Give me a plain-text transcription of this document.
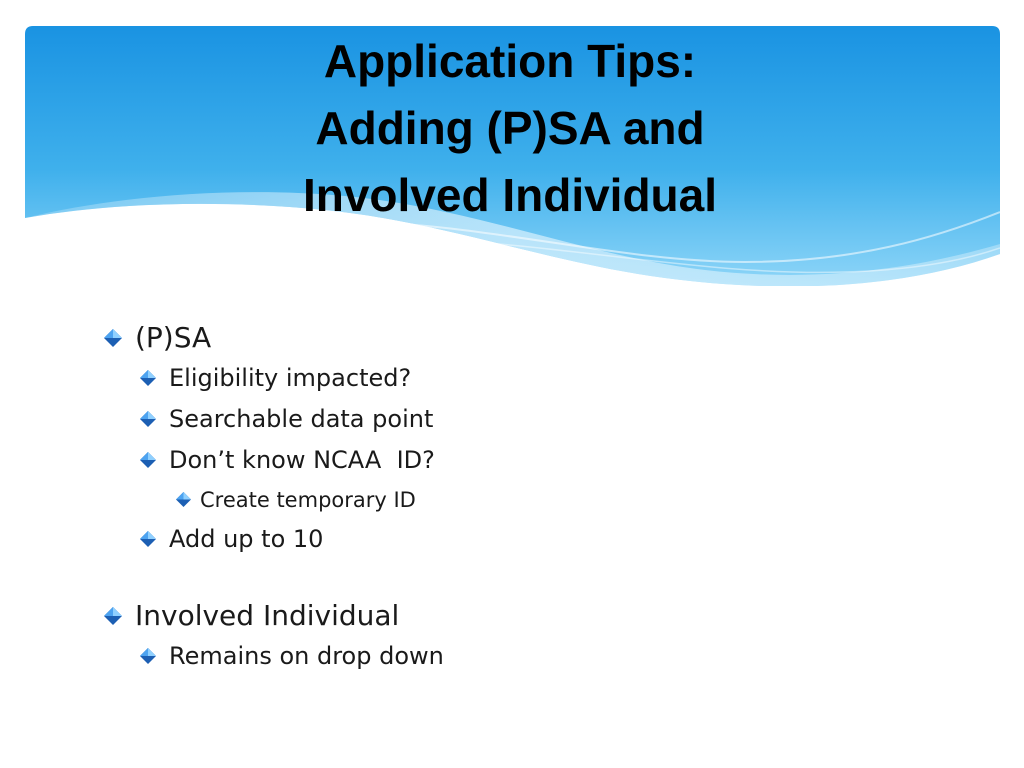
Application Tips:
Adding (P)SA and
Involved Individual
(P)SA
Eligibility impacted?
Searchable data point
Don’t know NCAA  ID?
Create temporary ID
Add up to 10
Involved Individual
Remains on drop down
